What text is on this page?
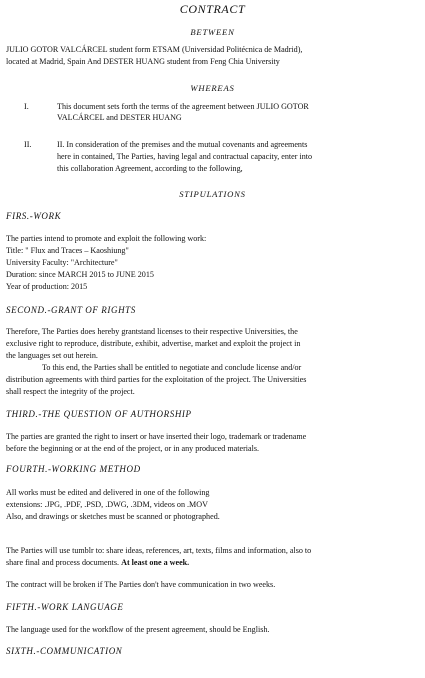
CONTRACT
BETWEEN
JULIO GOTOR VALCÁRCEL student form ETSAM (Universidad Politécnica de Madrid),
located at Madrid, Spain And DESTER HUANG student from Feng Chia University
WHEREAS
I.	This document sets forth the terms of the agreement between JULIO GOTOR
VALCÁRCEL and DESTER HUANG
II.	II. In consideration of the premises and the mutual covenants and agreements
here in contained, The Parties, having legal and contractual capacity, enter into
this collaboration Agreement, according to the following,
STIPULATIONS
FIRS.-WORK
The parties intend to promote and exploit the following work:
Title: " Flux and Traces – Kaoshiung"
University Faculty: "Architecture"
Duration: since MARCH 2015 to JUNE 2015
Year of production: 2015
SECOND.-GRANT OF RIGHTS
Therefore, The Parties does hereby grantstand licenses to their respective Universities, the
exclusive right to reproduce, distribute, exhibit, advertise, market and exploit the project in
the languages set out herein.
To this end, the Parties shall be entitled to negotiate and conclude license and/or
distribution agreements with third parties for the exploitation of the project. The Universities
shall respect the integrity of the project.
THIRD.-THE QUESTION OF AUTHORSHIP
The parties are granted the right to insert or have inserted their logo, trademark or tradename
before the beginning or at the end of the project, or in any produced materials.
FOURTH.-WORKING METHOD
All works must be edited and delivered in one of the following
extensions: .JPG, .PDF, .PSD, .DWG, .3DM, videos on .MOV
Also, and drawings or sketches must be scanned or photographed.
The Parties will use tumblr to: share ideas, references, art, texts, films and information, also to
share final and process documents. At least one a week.
The contract will be broken if The Parties don't have communication in two weeks.
FIFTH.-WORK LANGUAGE
The language used for the workflow of the present agreement, should be English.
SIXTH.-COMMUNICATION
